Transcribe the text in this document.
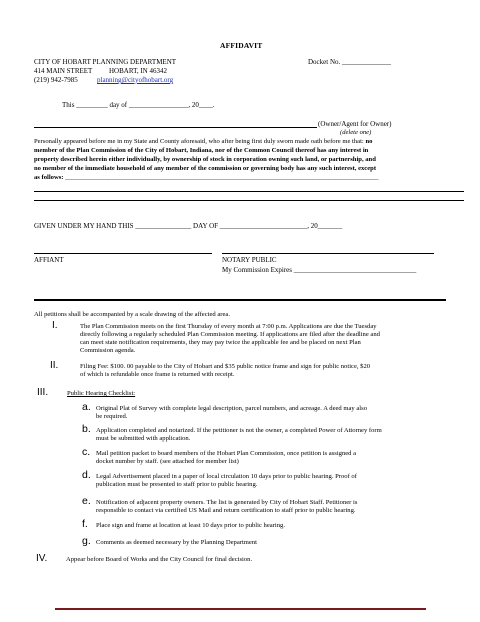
AFFIDAVIT
CITY OF HOBART PLANNING DEPARTMENT	Docket No. ______________
414 MAIN STREET HOBART, IN 46342
(219) 942-7985	planning@cityofhobart.org
This _________ day of _________________, 20____.
(Owner/Agent for Owner)
(delete one)
Personally appeared before me in my State and County aforesaid, who after being first duly sworn made oath before me that: no
member of the Plan Commission of the City of Hobart, Indiana, nor of the Common Council thereof has any interest in
property described herein either individually, by ownership of stock in corporation owning such land, or partnership, and
no member of the immediate household of any member of the commission or governing body has any such interest, except
as follows: _______________________________________________________________________________________________
GIVEN UNDER MY HAND THIS ________________ DAY OF _________________________, 20_______
AFFIANT	NOTARY PUBLIC
My Commission Expires ___________________________________
All petitions shall be accompanied by a scale drawing of the affected area.
I.	The Plan Commission meets on the first Thursday of every month at 7:00 p.m. Applications are due the Tuesday
directly following a regularly scheduled Plan Commission meeting. If applications are filed after the deadline and
can meet state notification requirements, they may pay twice the applicable fee and be placed on next Plan
Commission agenda.
II.	Filing Fee: $100. 00 payable to the City of Hobart and $35 public notice frame and sign for public notice, $20
of which is refundable once frame is returned with receipt.
III.	Public Hearing Checklist:
a. Original Plat of Survey with complete legal description, parcel numbers, and acreage. A deed may also
be required.
b. Application completed and notarized. If the petitioner is not the owner, a completed Power of Attorney form
must be submitted with application.
c. Mail petition packet to board members of the Hobart Plan Commission, once petition is assigned a
docket number by staff. (see attached for member list)
d. Legal Advertisement placed in a paper of local circulation 10 days prior to public hearing. Proof of
publication must be presented to staff prior to public hearing.
e. Notification of adjacent property owners. The list is generated by City of Hobart Staff. Petitioner is
responsible to contact via certified US Mail and return certification to staff prior to public hearing.
f. Place sign and frame at location at least 10 days prior to public hearing.
g. Comments as deemed necessary by the Planning Department
IV.	Appear before Board of Works and the City Council for final decision.
